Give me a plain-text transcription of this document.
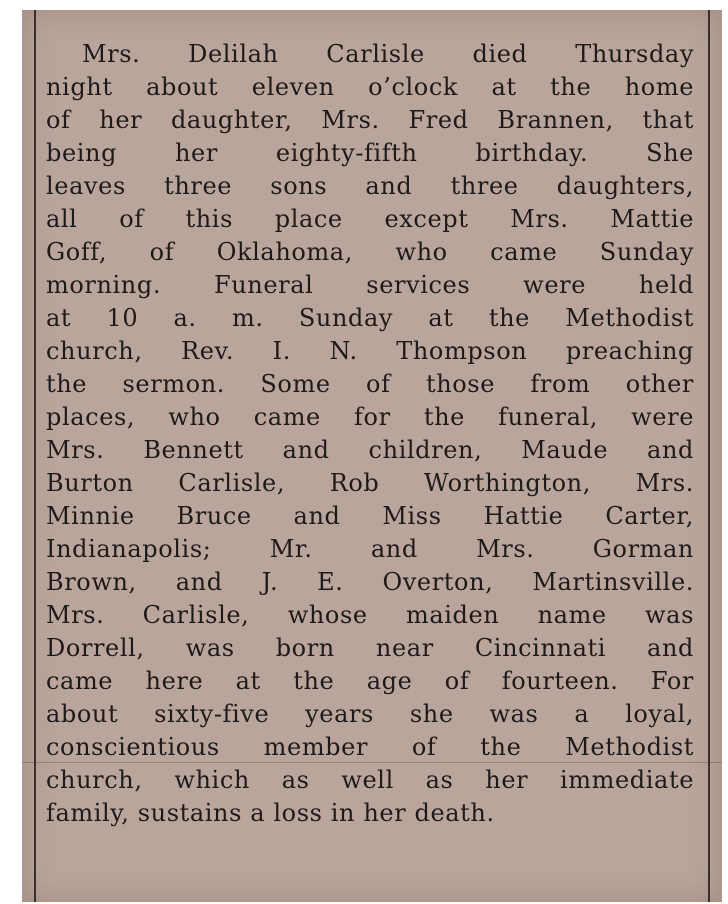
Mrs. Delilah Carlisle died Thursday
night about eleven o’clock at the home
of her daughter, Mrs. Fred Brannen, that
being her eighty-fifth birthday. She
leaves three sons and three daughters,
all of this place except Mrs. Mattie
Goff, of Oklahoma, who came Sunday
morning. Funeral services were held
at 10 a. m. Sunday at the Methodist
church, Rev. I. N. Thompson preaching
the sermon. Some of those from other
places, who came for the funeral, were
Mrs. Bennett and children, Maude and
Burton Carlisle, Rob Worthington, Mrs.
Minnie Bruce and Miss Hattie Carter,
Indianapolis; Mr. and Mrs. Gorman
Brown, and J. E. Overton, Martinsville.
Mrs. Carlisle, whose maiden name was
Dorrell, was born near Cincinnati and
came here at the age of fourteen. For
about sixty-five years she was a loyal,
conscientious member of the Methodist
church, which as well as her immediate
family, sustains a loss in her death.
